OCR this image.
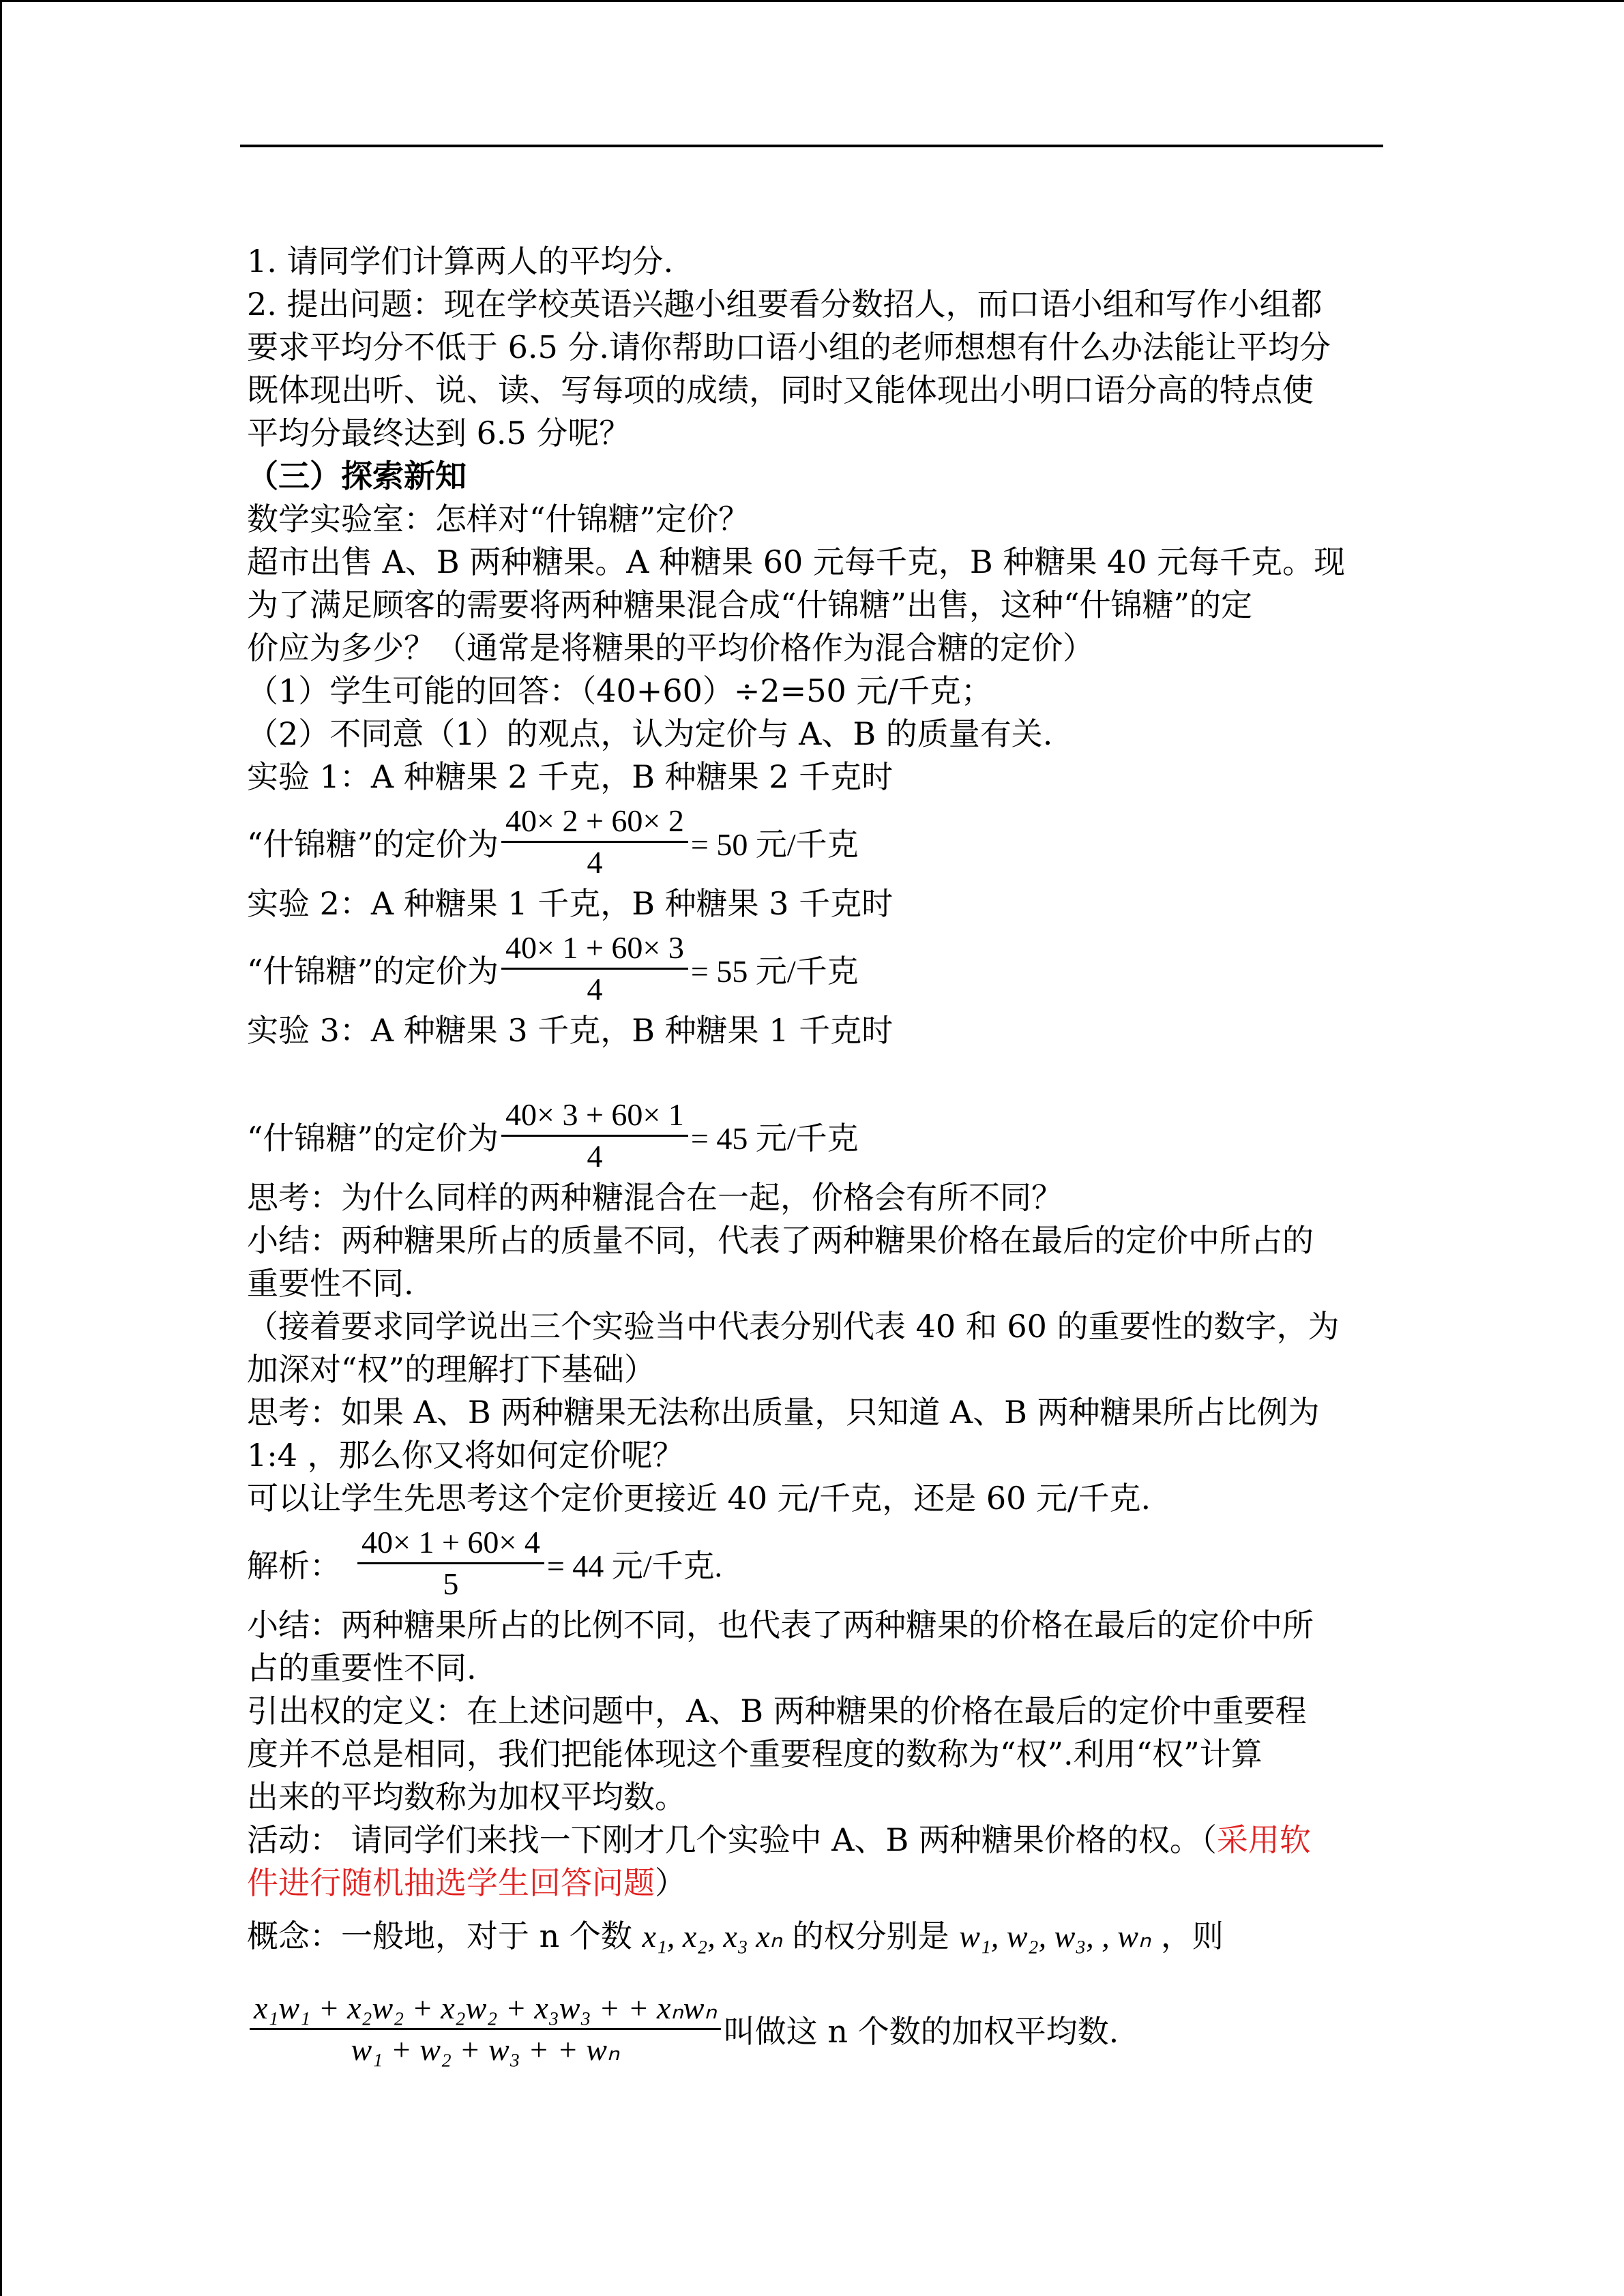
1. 请同学们计算两人的平均分.
2. 提出问题：现在学校英语兴趣小组要看分数招人，而口语小组和写作小组都
要求平均分不低于 6.5 分.请你帮助口语小组的老师想想有什么办法能让平均分
既体现出听、说、读、写每项的成绩，同时又能体现出小明口语分高的特点使
平均分最终达到 6.5 分呢？
（三）探索新知
数学实验室：怎样对“什锦糖”定价？
超市出售 A、B 两种糖果。A 种糖果 60 元每千克，B 种糖果 40 元每千克。现
为了满足顾客的需要将两种糖果混合成“什锦糖”出售，这种“什锦糖”的定
价应为多少？（通常是将糖果的平均价格作为混合糖的定价）
（1）学生可能的回答：（40+60）÷2=50 元/千克；
（2）不同意（1）的观点，认为定价与 A、B 的质量有关.
实验 1：A 种糖果 2 千克，B 种糖果 2 千克时
“什锦糖”的定价为 $\frac{40\times 2 + 60\times 2}{4} = 50$ 元/千克
实验 2：A 种糖果 1 千克，B 种糖果 3 千克时
“什锦糖”的定价为 $\frac{40\times 1 + 60\times 3}{4} = 55$ 元/千克
实验 3：A 种糖果 3 千克，B 种糖果 1 千克时
“什锦糖”的定价为 $\frac{40\times 3 + 60\times 1}{4} = 45$ 元/千克
思考：为什么同样的两种糖混合在一起，价格会有所不同？
小结：两种糖果所占的质量不同，代表了两种糖果价格在最后的定价中所占的
重要性不同.
（接着要求同学说出三个实验当中代表分别代表 40 和 60 的重要性的数字，为
加深对“权”的理解打下基础）
思考：如果 A、B 两种糖果无法称出质量，只知道 A、B 两种糖果所占比例为
1:4 ，那么你又将如何定价呢？
可以让学生先思考这个定价更接近 40 元/千克，还是 60 元/千克.
解析： $\frac{40\times 1 + 60\times 4}{5} = 44$ 元/千克.
小结：两种糖果所占的比例不同，也代表了两种糖果的价格在最后的定价中所
占的重要性不同.
引出权的定义：在上述问题中，A、B 两种糖果的价格在最后的定价中重要程
度并不总是相同，我们把能体现这个重要程度的数称为“权”.利用“权”计算
出来的平均数称为加权平均数。
活动： 请同学们来找一下刚才几个实验中 A、B 两种糖果价格的权。（采用软
件进行随机抽选学生回答问题）
概念：一般地，对于 n 个数 x₁, x₂, x₃ xₙ 的权分别是 w₁, w₂, w₃, , wₙ ，则
$\frac{\text{x₁w₁ + x₂w₂ + x₂w₂ + x₃w₃ + + xₙwₙ}}{\text{w₁ + w₂ + w₃ + + wₙ}}$ 叫做这 n 个数的加权平均数.
